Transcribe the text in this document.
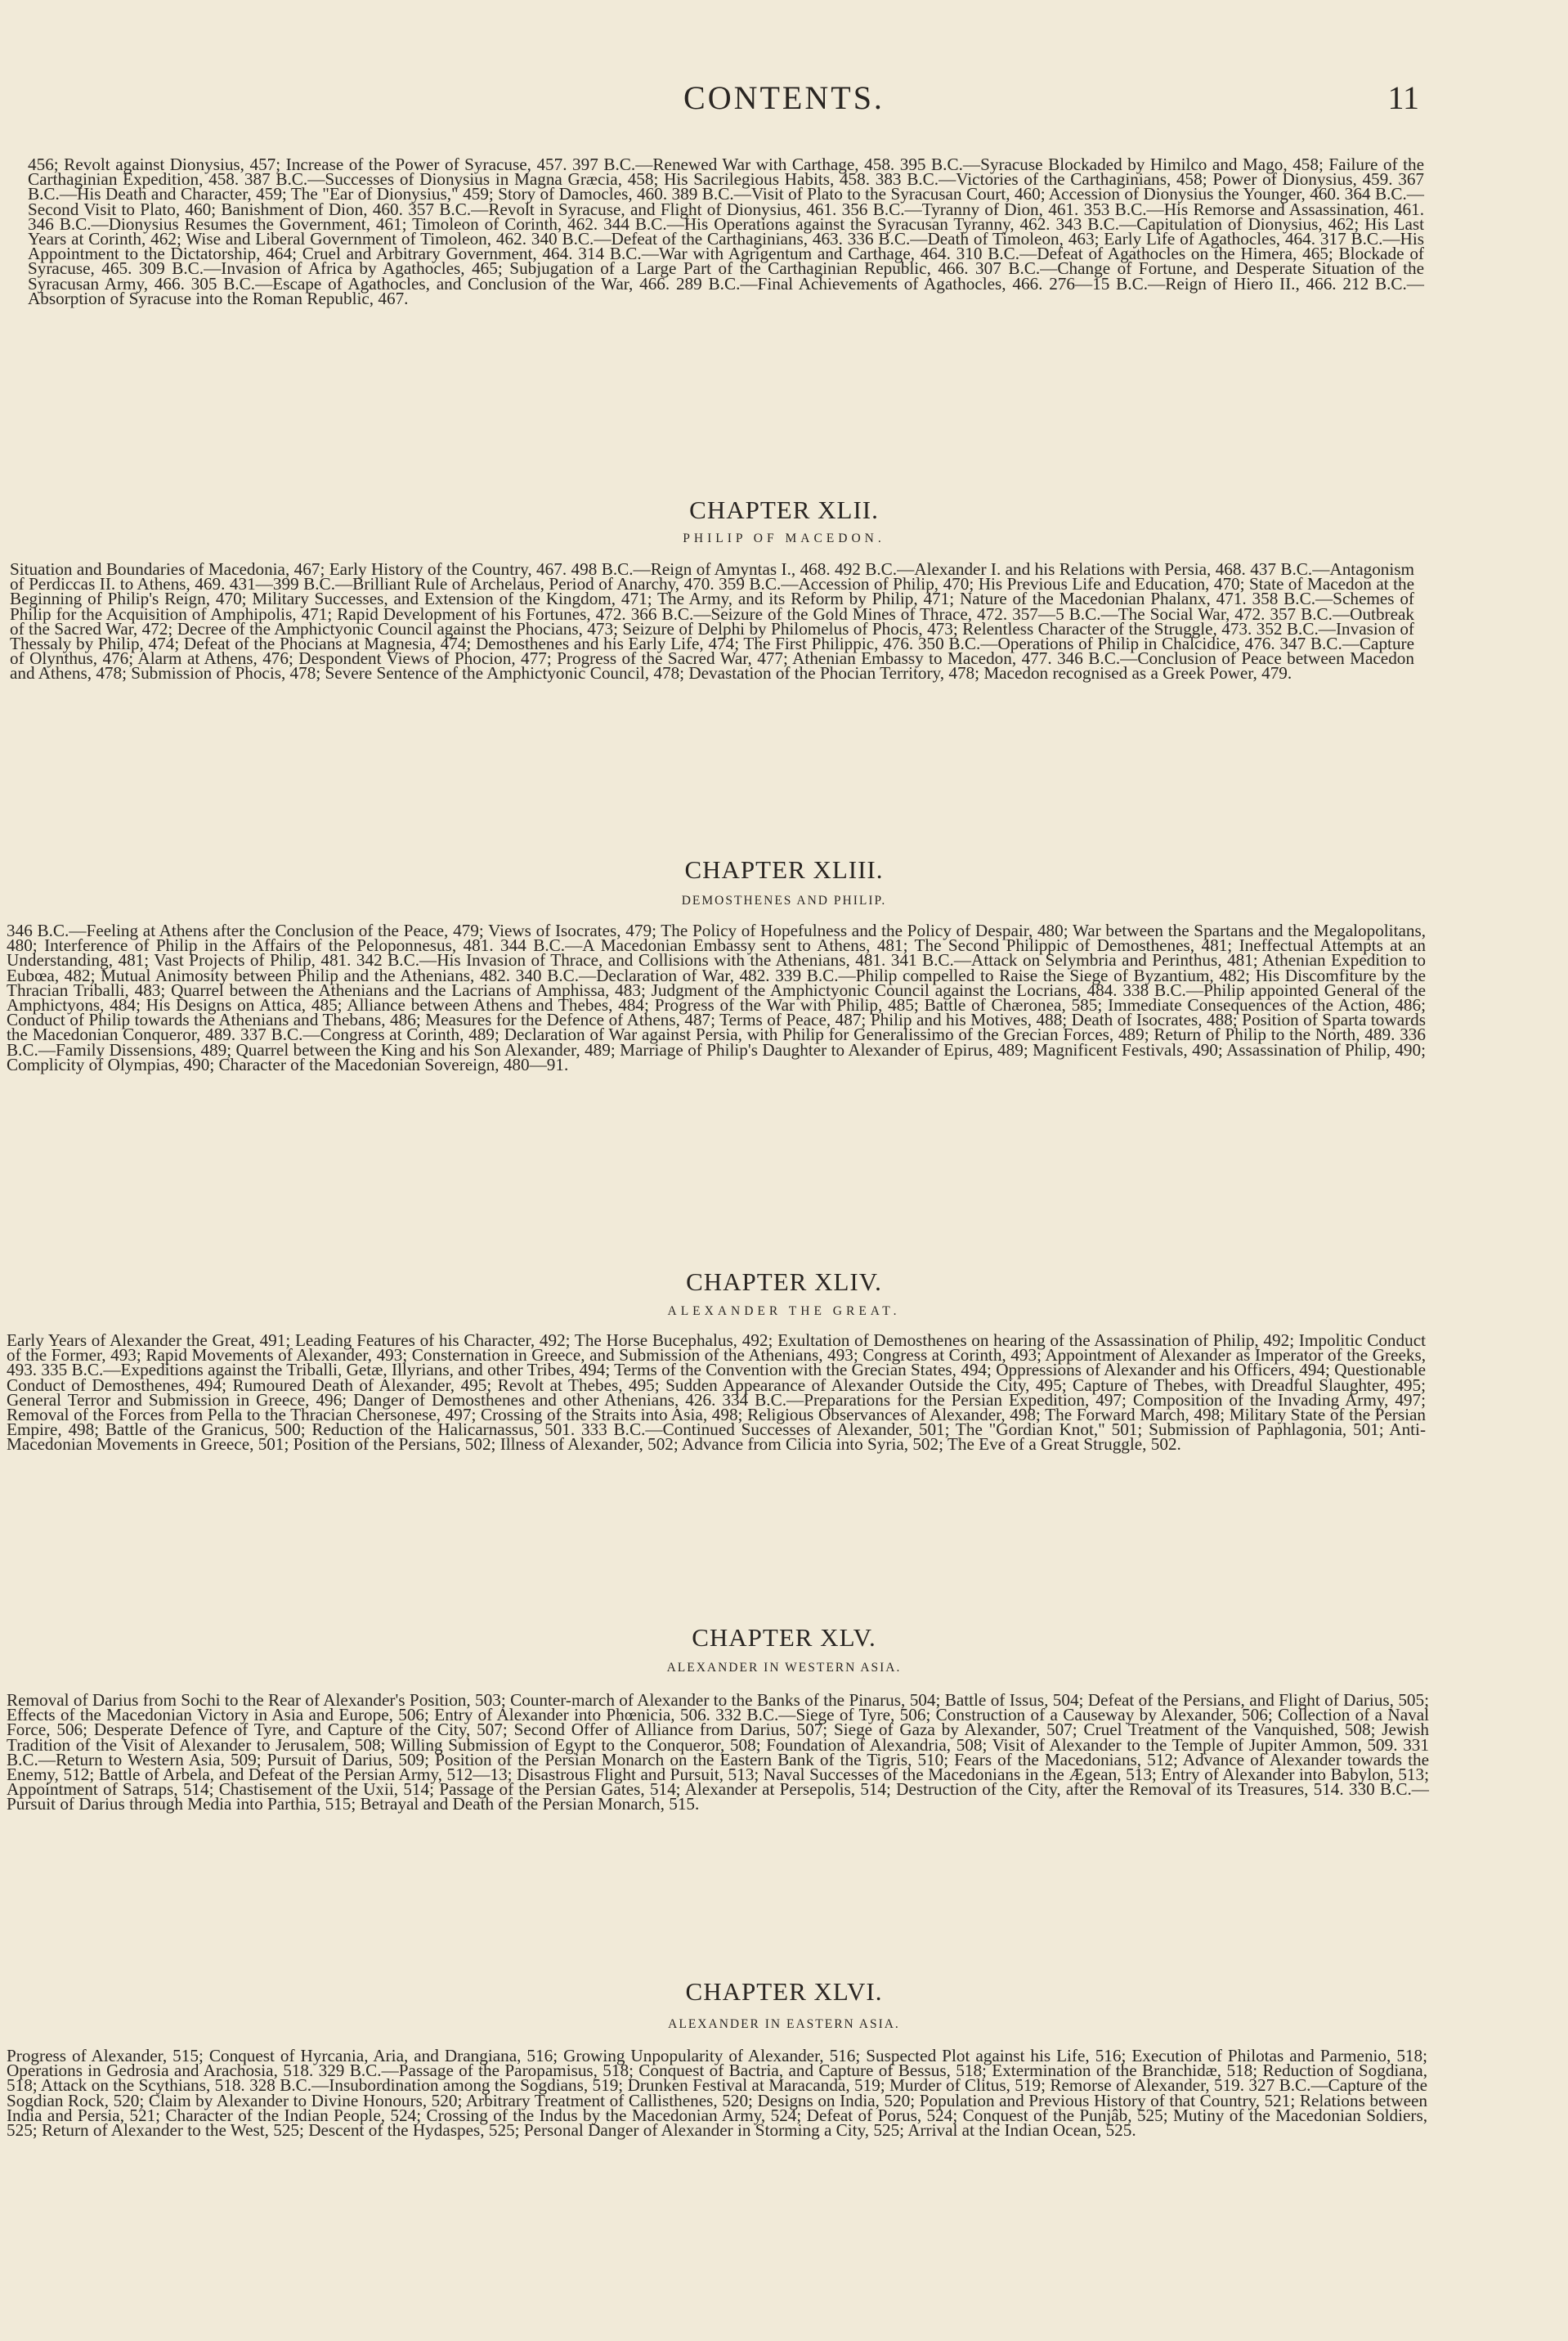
CONTENTS.	11

456; Revolt against Dionysius, 457; Increase of the Power of Syracuse, 457. 397 B.C.—Renewed War with Carthage, 458. 395 B.C.—Syracuse Blockaded by Himilco and Mago, 458; Failure of the Carthaginian Expedition, 458. 387 B.C.—Successes of Dionysius in Magna Græcia, 458; His Sacrilegious Habits, 458. 383 B.C.—Victories of the Carthaginians, 458; Power of Dionysius, 459. 367 B.C.—His Death and Character, 459; The "Ear of Dionysius," 459; Story of Damocles, 460. 389 B.C.—Visit of Plato to the Syracusan Court, 460; Accession of Dionysius the Younger, 460. 364 B.C.—Second Visit to Plato, 460; Banishment of Dion, 460. 357 B.C.—Revolt in Syracuse, and Flight of Dionysius, 461. 356 B.C.—Tyranny of Dion, 461. 353 B.C.—His Remorse and Assassination, 461. 346 B.C.—Dionysius Resumes the Government, 461; Timoleon of Corinth, 462. 344 B.C.—His Operations against the Syracusan Tyranny, 462. 343 B.C.—Capitulation of Dionysius, 462; His Last Years at Corinth, 462; Wise and Liberal Government of Timoleon, 462. 340 B.C.—Defeat of the Carthaginians, 463. 336 B.C.—Death of Timoleon, 463; Early Life of Agathocles, 464. 317 B.C.—His Appointment to the Dictatorship, 464; Cruel and Arbitrary Government, 464. 314 B.C.—War with Agrigentum and Carthage, 464. 310 B.C.—Defeat of Agathocles on the Himera, 465; Blockade of Syracuse, 465. 309 B.C.—Invasion of Africa by Agathocles, 465; Subjugation of a Large Part of the Carthaginian Republic, 466. 307 B.C.—Change of Fortune, and Desperate Situation of the Syracusan Army, 466. 305 B.C.—Escape of Agathocles, and Conclusion of the War, 466. 289 B.C.—Final Achievements of Agathocles, 466. 276—15 B.C.—Reign of Hiero II., 466. 212 B.C.—Absorption of Syracuse into the Roman Republic, 467.

CHAPTER XLII.
PHILIP OF MACEDON.

Situation and Boundaries of Macedonia, 467; Early History of the Country, 467. 498 B.C.—Reign of Amyntas I., 468. 492 B.C.—Alexander I. and his Relations with Persia, 468. 437 B.C.—Antagonism of Perdiccas II. to Athens, 469. 431—399 B.C.—Brilliant Rule of Archelaus, Period of Anarchy, 470. 359 B.C.—Accession of Philip, 470; His Previous Life and Education, 470; State of Macedon at the Beginning of Philip's Reign, 470; Military Successes, and Extension of the Kingdom, 471; The Army, and its Reform by Philip, 471; Nature of the Macedonian Phalanx, 471. 358 B.C.—Schemes of Philip for the Acquisition of Amphipolis, 471; Rapid Development of his Fortunes, 472. 366 B.C.—Seizure of the Gold Mines of Thrace, 472. 357—5 B.C.—The Social War, 472. 357 B.C.—Outbreak of the Sacred War, 472; Decree of the Amphictyonic Council against the Phocians, 473; Seizure of Delphi by Philomelus of Phocis, 473; Relentless Character of the Struggle, 473. 352 B.C.—Invasion of Thessaly by Philip, 474; Defeat of the Phocians at Magnesia, 474; Demosthenes and his Early Life, 474; The First Philippic, 476. 350 B.C.—Operations of Philip in Chalcidice, 476. 347 B.C.—Capture of Olynthus, 476; Alarm at Athens, 476; Despondent Views of Phocion, 477; Progress of the Sacred War, 477; Athenian Embassy to Macedon, 477. 346 B.C.—Conclusion of Peace between Macedon and Athens, 478; Submission of Phocis, 478; Severe Sentence of the Amphictyonic Council, 478; Devastation of the Phocian Territory, 478; Macedon recognised as a Greek Power, 479.

CHAPTER XLIII.
DEMOSTHENES AND PHILIP.

346 B.C.—Feeling at Athens after the Conclusion of the Peace, 479; Views of Isocrates, 479; The Policy of Hopefulness and the Policy of Despair, 480; War between the Spartans and the Megalopolitans, 480; Interference of Philip in the Affairs of the Peloponnesus, 481. 344 B.C.—A Macedonian Embassy sent to Athens, 481; The Second Philippic of Demosthenes, 481; Ineffectual Attempts at an Understanding, 481; Vast Projects of Philip, 481. 342 B.C.—His Invasion of Thrace, and Collisions with the Athenians, 481. 341 B.C.—Attack on Selymbria and Perinthus, 481; Athenian Expedition to Eubœa, 482; Mutual Animosity between Philip and the Athenians, 482. 340 B.C.—Declaration of War, 482. 339 B.C.—Philip compelled to Raise the Siege of Byzantium, 482; His Discomfiture by the Thracian Triballi, 483; Quarrel between the Athenians and the Lacrians of Amphissa, 483; Judgment of the Amphictyonic Council against the Locrians, 484. 338 B.C.—Philip appointed General of the Amphictyons, 484; His Designs on Attica, 485; Alliance between Athens and Thebes, 484; Progress of the War with Philip, 485; Battle of Chæronea, 585; Immediate Consequences of the Action, 486; Conduct of Philip towards the Athenians and Thebans, 486; Measures for the Defence of Athens, 487; Terms of Peace, 487; Philip and his Motives, 488; Death of Isocrates, 488; Position of Sparta towards the Macedonian Conqueror, 489. 337 B.C.—Congress at Corinth, 489; Declaration of War against Persia, with Philip for Generalissimo of the Grecian Forces, 489; Return of Philip to the North, 489. 336 B.C.—Family Dissensions, 489; Quarrel between the King and his Son Alexander, 489; Marriage of Philip's Daughter to Alexander of Epirus, 489; Magnificent Festivals, 490; Assassination of Philip, 490; Complicity of Olympias, 490; Character of the Macedonian Sovereign, 480—91.

CHAPTER XLIV.
ALEXANDER THE GREAT.

Early Years of Alexander the Great, 491; Leading Features of his Character, 492; The Horse Bucephalus, 492; Exultation of Demosthenes on hearing of the Assassination of Philip, 492; Impolitic Conduct of the Former, 493; Rapid Movements of Alexander, 493; Consternation in Greece, and Submission of the Athenians, 493; Congress at Corinth, 493; Appointment of Alexander as Imperator of the Greeks, 493. 335 B.C.—Expeditions against the Triballi, Getæ, Illyrians, and other Tribes, 494; Terms of the Convention with the Grecian States, 494; Oppressions of Alexander and his Officers, 494; Questionable Conduct of Demosthenes, 494; Rumoured Death of Alexander, 495; Revolt at Thebes, 495; Sudden Appearance of Alexander Outside the City, 495; Capture of Thebes, with Dreadful Slaughter, 495; General Terror and Submission in Greece, 496; Danger of Demosthenes and other Athenians, 426. 334 B.C.—Preparations for the Persian Expedition, 497; Composition of the Invading Army, 497; Removal of the Forces from Pella to the Thracian Chersonese, 497; Crossing of the Straits into Asia, 498; Religious Observances of Alexander, 498; The Forward March, 498; Military State of the Persian Empire, 498; Battle of the Granicus, 500; Reduction of the Halicarnassus, 501. 333 B.C.—Continued Successes of Alexander, 501; The "Gordian Knot," 501; Submission of Paphlagonia, 501; Anti-Macedonian Movements in Greece, 501; Position of the Persians, 502; Illness of Alexander, 502; Advance from Cilicia into Syria, 502; The Eve of a Great Struggle, 502.

CHAPTER XLV.
ALEXANDER IN WESTERN ASIA.

Removal of Darius from Sochi to the Rear of Alexander's Position, 503; Counter-march of Alexander to the Banks of the Pinarus, 504; Battle of Issus, 504; Defeat of the Persians, and Flight of Darius, 505; Effects of the Macedonian Victory in Asia and Europe, 506; Entry of Alexander into Phœnicia, 506. 332 B.C.—Siege of Tyre, 506; Construction of a Causeway by Alexander, 506; Collection of a Naval Force, 506; Desperate Defence of Tyre, and Capture of the City, 507; Second Offer of Alliance from Darius, 507; Siege of Gaza by Alexander, 507; Cruel Treatment of the Vanquished, 508; Jewish Tradition of the Visit of Alexander to Jerusalem, 508; Willing Submission of Egypt to the Conqueror, 508; Foundation of Alexandria, 508; Visit of Alexander to the Temple of Jupiter Ammon, 509. 331 B.C.—Return to Western Asia, 509; Pursuit of Darius, 509; Position of the Persian Monarch on the Eastern Bank of the Tigris, 510; Fears of the Macedonians, 512; Advance of Alexander towards the Enemy, 512; Battle of Arbela, and Defeat of the Persian Army, 512—13; Disastrous Flight and Pursuit, 513; Naval Successes of the Macedonians in the Ægean, 513; Entry of Alexander into Babylon, 513; Appointment of Satraps, 514; Chastisement of the Uxii, 514; Passage of the Persian Gates, 514; Alexander at Persepolis, 514; Destruction of the City, after the Removal of its Treasures, 514. 330 B.C.—Pursuit of Darius through Media into Parthia, 515; Betrayal and Death of the Persian Monarch, 515.

CHAPTER XLVI.
ALEXANDER IN EASTERN ASIA.

Progress of Alexander, 515; Conquest of Hyrcania, Aria, and Drangiana, 516; Growing Unpopularity of Alexander, 516; Suspected Plot against his Life, 516; Execution of Philotas and Parmenio, 518; Operations in Gedrosia and Arachosia, 518. 329 B.C.—Passage of the Paropamisus, 518; Conquest of Bactria, and Capture of Bessus, 518; Extermination of the Branchidæ, 518; Reduction of Sogdiana, 518; Attack on the Scythians, 518. 328 B.C.—Insubordination among the Sogdians, 519; Drunken Festival at Maracanda, 519; Murder of Clitus, 519; Remorse of Alexander, 519. 327 B.C.—Capture of the Sogdian Rock, 520; Claim by Alexander to Divine Honours, 520; Arbitrary Treatment of Callisthenes, 520; Designs on India, 520; Population and Previous History of that Country, 521; Relations between India and Persia, 521; Character of the Indian People, 524; Crossing of the Indus by the Macedonian Army, 524; Defeat of Porus, 524; Conquest of the Punjâb, 525; Mutiny of the Macedonian Soldiers, 525; Return of Alexander to the West, 525; Descent of the Hydaspes, 525; Personal Danger of Alexander in Storming a City, 525; Arrival at the Indian Ocean, 525.
